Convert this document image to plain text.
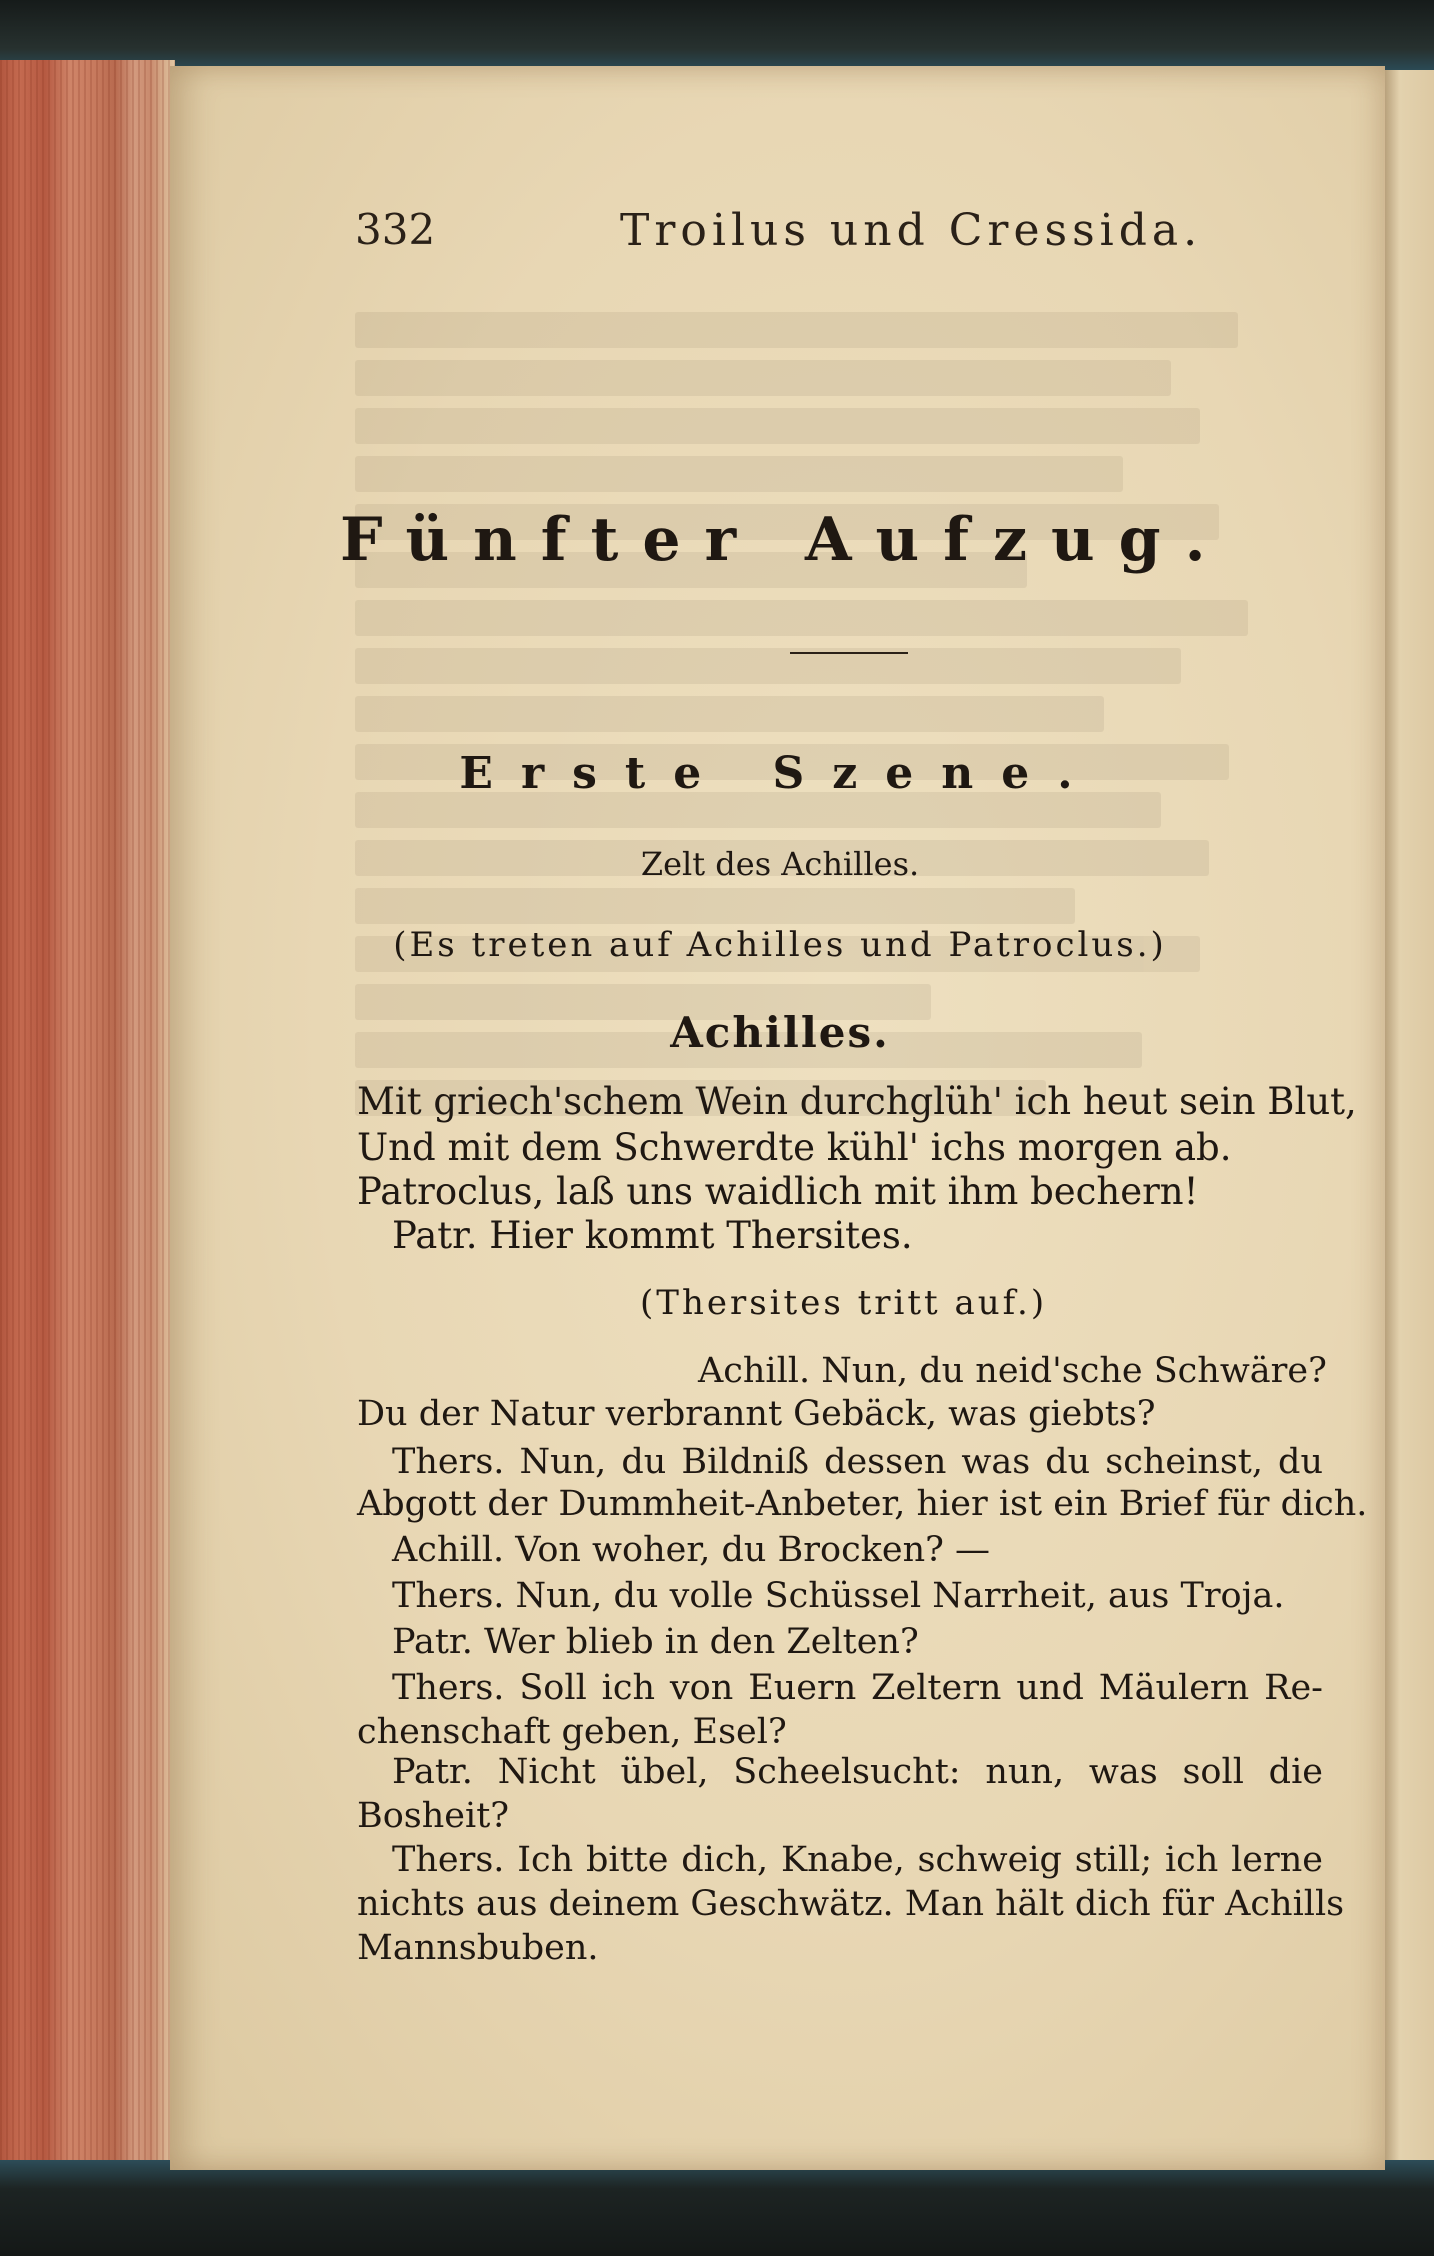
332	Troilus und Cressida.
Fünfter Aufzug.
Erste Szene.
Zelt des Achilles.
(Es treten auf Achilles und Patroclus.)
Achilles.
Mit griech'schem Wein durchglüh' ich heut sein Blut,
Und mit dem Schwerdte kühl' ichs morgen ab.
Patroclus, laß uns waidlich mit ihm bechern!
Patr. Hier kommt Thersites.
(Thersites tritt auf.)
Achill. Nun, du neid'sche Schwäre?
Du der Natur verbrannt Gebäck, was giebts?
Thers. Nun, du Bildniß dessen was du scheinst, du
Abgott der Dummheit-Anbeter, hier ist ein Brief für dich.
Achill. Von woher, du Brocken? —
Thers. Nun, du volle Schüssel Narrheit, aus Troja.
Patr. Wer blieb in den Zelten?
Thers. Soll ich von Euern Zeltern und Mäulern Re-
chenschaft geben, Esel?
Patr. Nicht übel, Scheelsucht: nun, was soll die
Bosheit?
Thers. Ich bitte dich, Knabe, schweig still; ich lerne
nichts aus deinem Geschwätz. Man hält dich für Achills
Mannsbuben.
